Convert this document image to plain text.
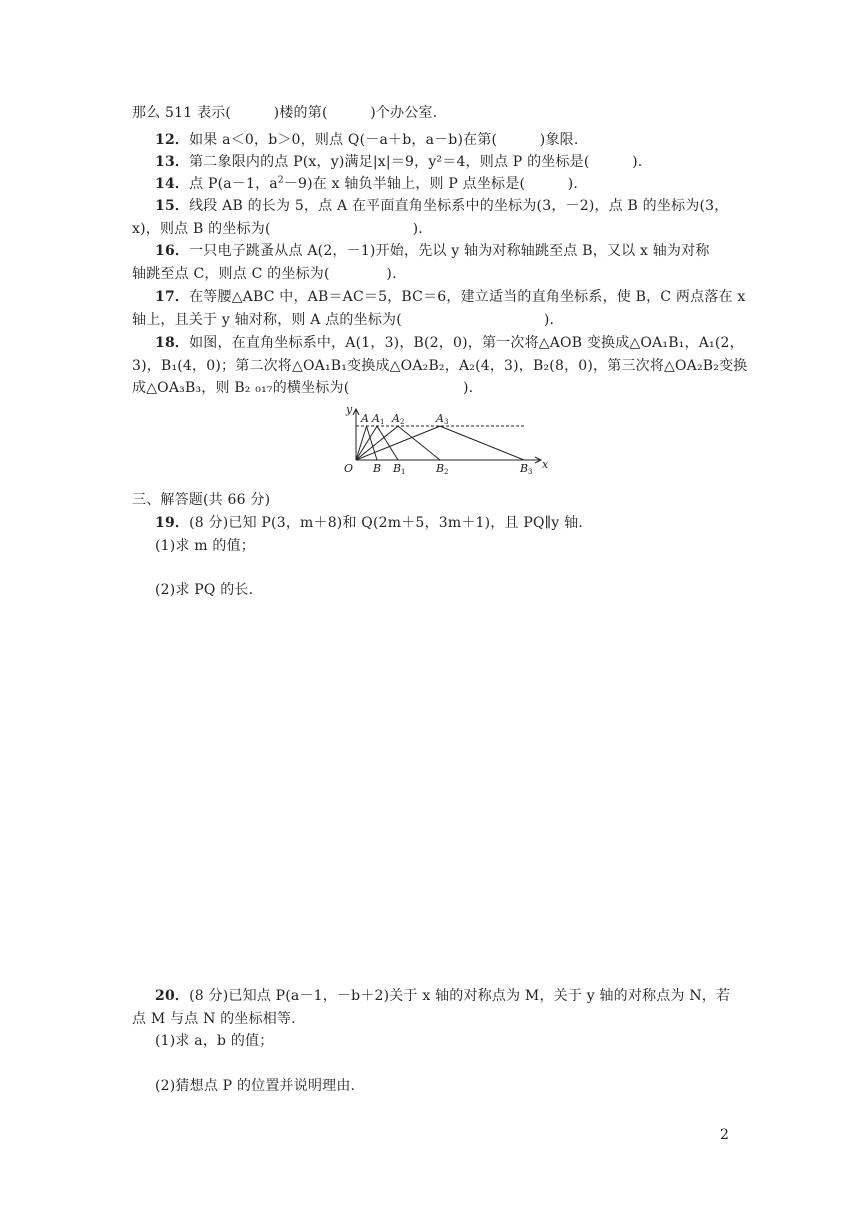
那么 511 表示(　　　)楼的第(　　　)个办公室.
12．如果 a＜0，b＞0，则点 Q(－a＋b，a－b)在第(　　　)象限.
13．第二象限内的点 P(x，y)满足|x|＝9，y²＝4，则点 P 的坐标是(　　　).
14．点 P(a－1，$a^2-9$)在 x 轴负半轴上，则 P 点坐标是(　　　).
15．线段 AB 的长为 5，点 A 在平面直角坐标系中的坐标为(3，－2)，点 B 的坐标为(3，
x)，则点 B 的坐标为(　　　　　　　　　　).
16．一只电子跳蚤从点 A(2，－1)开始，先以 y 轴为对称轴跳至点 B，又以 x 轴为对称
轴跳至点 C，则点 C 的坐标为(　　　　).
17．在等腰△ABC 中，AB＝AC＝5，BC＝6，建立适当的直角坐标系，使 B，C 两点落在 x
轴上，且关于 y 轴对称，则 A 点的坐标为(　　　　　　　　　　).
18．如图，在直角坐标系中，A(1，3)，B(2，0)，第一次将△AOB 变换成△OA₁B₁，A₁(2，
3)，B₁(4，0)；第二次将△OA₁B₁变换成△OA₂B₂，A₂(4，3)，B₂(8，0)，第三次将△OA₂B₂变换
成△OA₃B₃，则 B₂ ₀₁₇的横坐标为(　　　　　　　　).
y
x
O
A A 1 A 2	A 3
B B 1	B 2	B 3
三、解答题(共 66 分)
19．(8 分)已知 P(3，m＋8)和 Q(2m＋5，3m＋1)，且 PQ∥y 轴.
(1)求 m 的值；
(2)求 PQ 的长.
20．(8 分)已知点 P(a－1，－b＋2)关于 x 轴的对称点为 M，关于 y 轴的对称点为 N，若
点 M 与点 N 的坐标相等.
(1)求 a，b 的值；
(2)猜想点 P 的位置并说明理由.
2
